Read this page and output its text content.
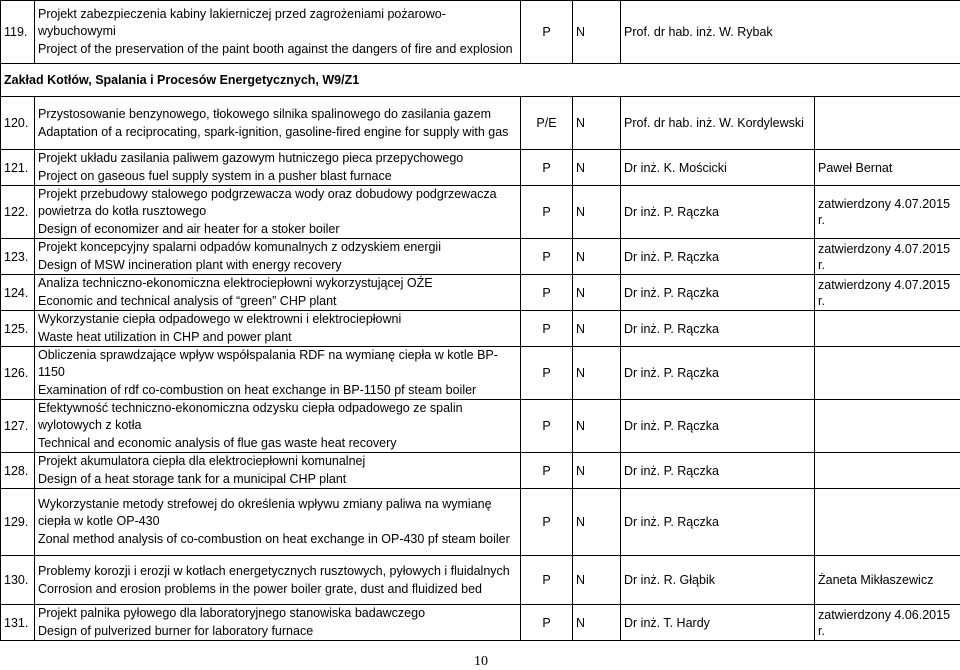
119.	Projekt zabezpieczenia kabiny lakierniczej przed zagrożeniami pożarowo-wybuchowymi
Project of the preservation of the paint booth against the dangers of fire and explosion	P	N	Prof. dr hab. inż. W. Rybak	
Zakład Kotłów, Spalania i Procesów Energetycznych, W9/Z1					
120.	Przystosowanie benzynowego, tłokowego silnika spalinowego do zasilania gazem
Adaptation of a reciprocating, spark-ignition, gasoline-fired engine for supply with gas	P/E	N	Prof. dr hab. inż. W. Kordylewski	
121.	Projekt układu zasilania paliwem gazowym hutniczego pieca przepychowego
Project on gaseous fuel supply system in a pusher blast furnace	P	N	Dr inż. K. Mościcki	Paweł Bernat
122.	Projekt przebudowy stalowego podgrzewacza wody oraz dobudowy podgrzewacza powietrza do kotła rusztowego
Design of economizer and air heater for a stoker boiler	P	N	Dr inż. P. Rączka	zatwierdzony 4.07.2015 r.
123.	Projekt koncepcyjny spalarni odpadów komunalnych z odzyskiem energii
Design of MSW incineration plant with energy recovery	P	N	Dr inż. P. Rączka	zatwierdzony 4.07.2015 r.
124.	Analiza techniczno-ekonomiczna elektrociepłowni wykorzystującej OŹE
Economic and technical analysis of “green” CHP plant	P	N	Dr inż. P. Rączka	zatwierdzony 4.07.2015 r.
125.	Wykorzystanie ciepła odpadowego w elektrowni i elektrociepłowni
Waste heat utilization in CHP and power plant	P	N	Dr inż. P. Rączka	
126.	Obliczenia sprawdzające wpływ współspalania RDF na wymianę ciepła w kotle BP-1150
Examination of rdf co-combustion on heat exchange in BP-1150 pf steam boiler	P	N	Dr inż. P. Rączka	
127.	Efektywność techniczno-ekonomiczna odzysku ciepła odpadowego ze spalin wylotowych z kotła
Technical and economic analysis of flue gas waste heat recovery	P	N	Dr inż. P. Rączka	
128.	Projekt akumulatora ciepła dla elektrociepłowni komunalnej
Design of a heat storage tank for a municipal CHP plant	P	N	Dr inż. P. Rączka	
129.	Wykorzystanie metody strefowej do określenia wpływu zmiany paliwa na wymianę ciepła w kotle OP-430
Zonal method analysis of co-combustion on heat exchange in OP-430 pf steam boiler	P	N	Dr inż. P. Rączka	
130.	Problemy korozji i erozji w kotłach energetycznych rusztowych, pyłowych i fluidalnych
Corrosion and erosion problems in the power boiler grate, dust and fluidized bed	P	N	Dr inż. R. Głąbik	Żaneta Mikłaszewicz
131.	Projekt palnika pyłowego dla laboratoryjnego stanowiska badawczego
Design of pulverized burner for laboratory furnace	P	N	Dr inż. T. Hardy	zatwierdzony 4.06.2015 r.
10
